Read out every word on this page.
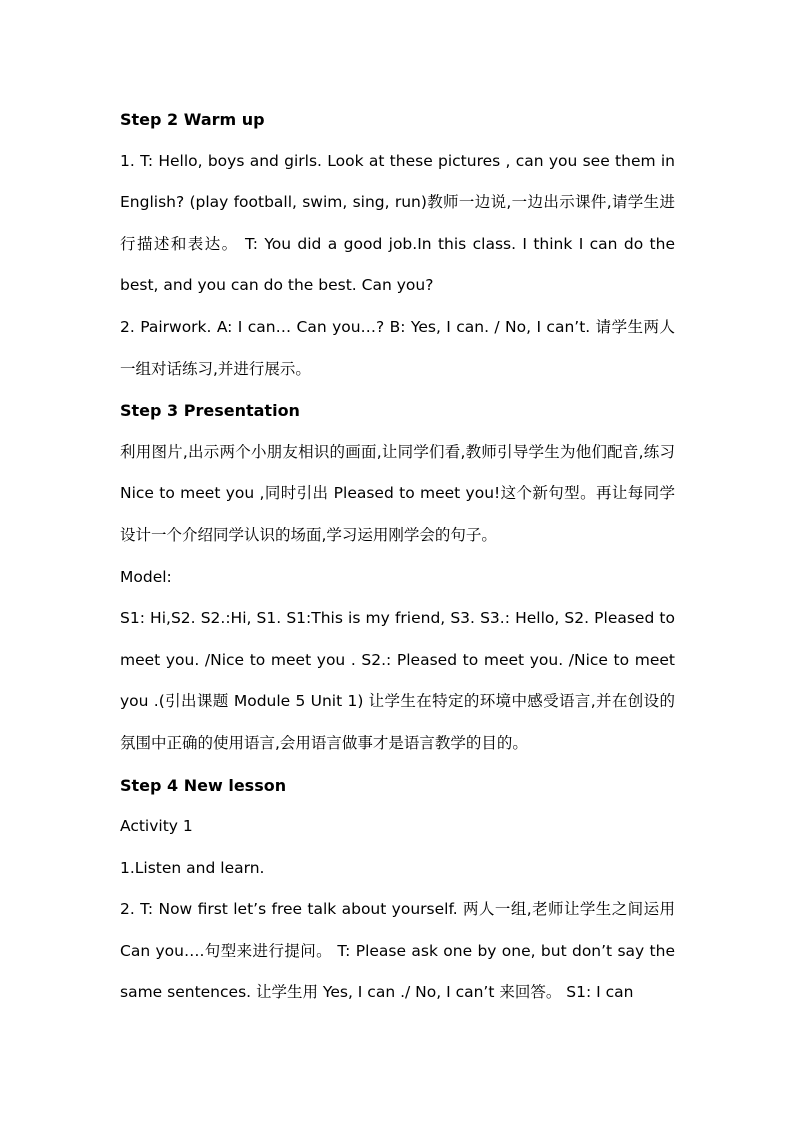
Step 2 Warm up

1. T: Hello, boys and girls. Look at these pictures , can you see them in English? (play football, swim, sing, run)教师一边说,一边出示课件,请学生进行描述和表达。 T: You did a good job.In this class. I think I can do the best, and you can do the best. Can you?

2. Pairwork. A: I can… Can you…? B: Yes, I can. / No, I can’t. 请学生两人一组对话练习,并进行展示。

Step 3 Presentation

利用图片,出示两个小朋友相识的画面,让同学们看,教师引导学生为他们配音,练习 Nice to meet you ,同时引出 Pleased to meet you!这个新句型。再让每同学设计一个介绍同学认识的场面,学习运用刚学会的句子。

Model:

S1: Hi,S2. S2.:Hi, S1. S1:This is my friend, S3. S3.: Hello, S2. Pleased to meet you. /Nice to meet you . S2.: Pleased to meet you. /Nice to meet you .(引出课题 Module 5 Unit 1) 让学生在特定的环境中感受语言,并在创设的氛围中正确的使用语言,会用语言做事才是语言教学的目的。

Step 4 New lesson

Activity 1

1.Listen and learn.

2. T: Now first let’s free talk about yourself. 两人一组,老师让学生之间运用Can you….句型来进行提问。 T: Please ask one by one, but don’t say the same sentences. 让学生用 Yes, I can ./ No, I can’t 来回答。 S1: I can
